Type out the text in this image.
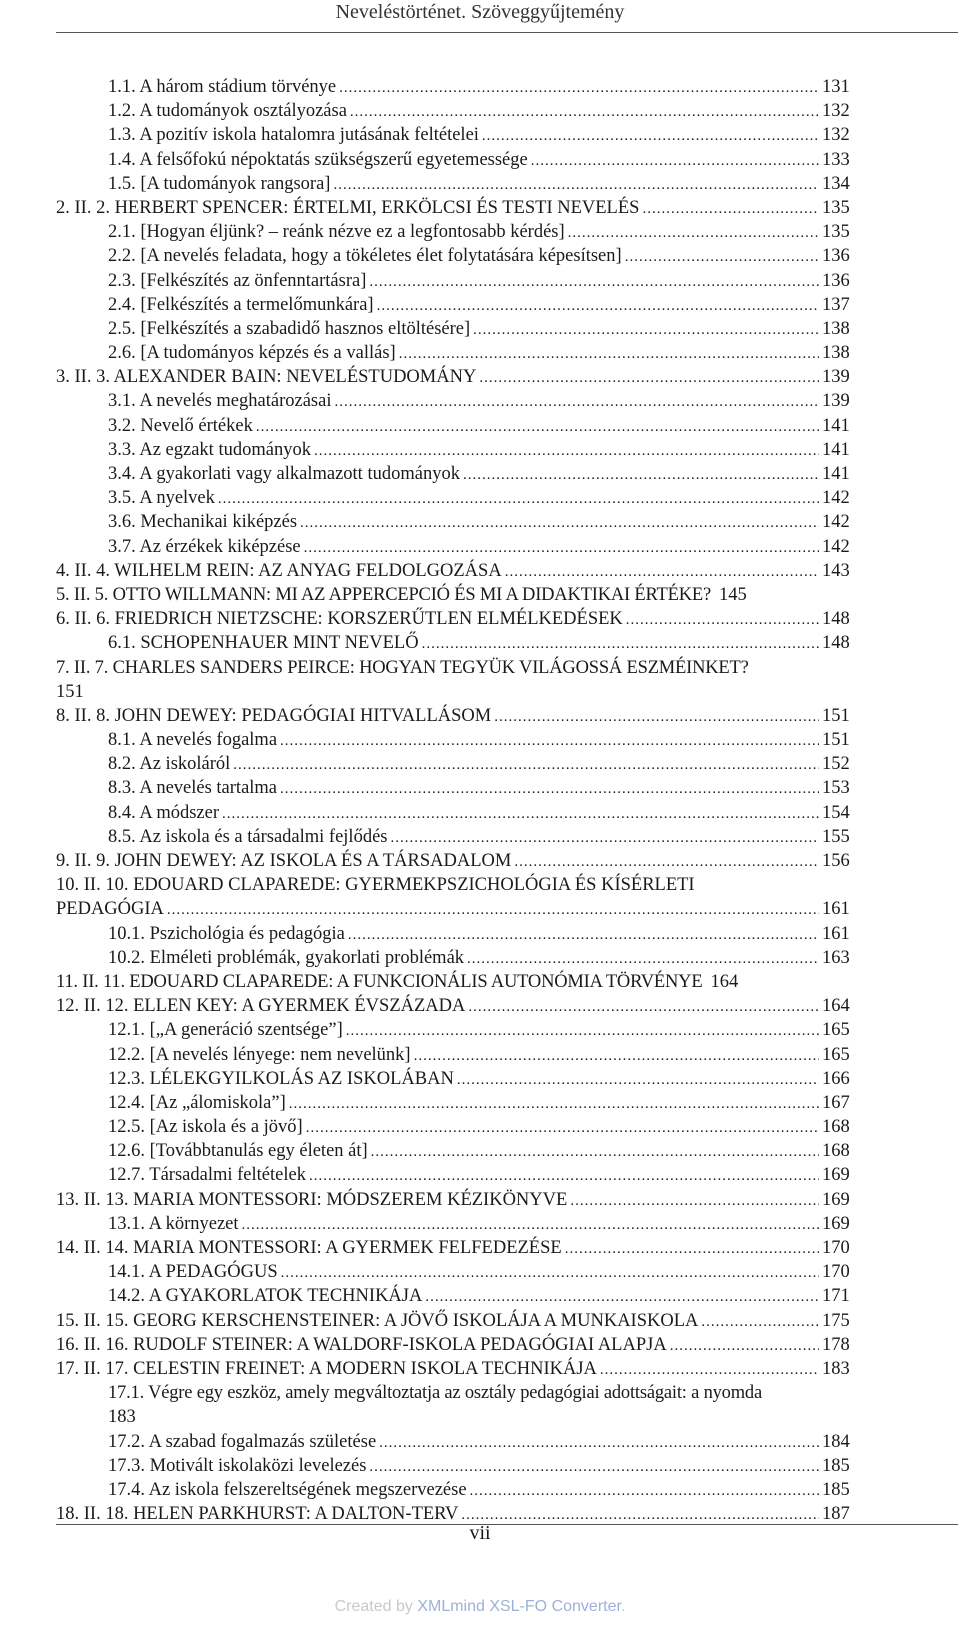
Neveléstörténet. Szöveggyűjtemény
1.1. A három stádium törvénye .....	131
1.2. A tudományok osztályozása .....	132
1.3. A pozitív iskola hatalomra jutásának feltételei .....	132
1.4. A felsőfokú népoktatás szükségszerű egyetemessége .....	133
1.5. [A tudományok rangsora] .....	134
2. II. 2. HERBERT SPENCER: ÉRTELMI, ERKÖLCSI ÉS TESTI NEVELÉS .....	135
2.1. [Hogyan éljünk? – reánk nézve ez a legfontosabb kérdés] .....	135
2.2. [A nevelés feladata, hogy a tökéletes élet folytatására képesítsen] .....	136
2.3. [Felkészítés az önfenntartásra] .....	136
2.4. [Felkészítés a termelőmunkára] .....	137
2.5. [Felkészítés a szabadidő hasznos eltöltésére] .....	138
2.6. [A tudományos képzés és a vallás] .....	138
3. II. 3. ALEXANDER BAIN: NEVELÉSTUDOMÁNY .....	139
3.1. A nevelés meghatározásai .....	139
3.2. Nevelő értékek .....	141
3.3. Az egzakt tudományok .....	141
3.4. A gyakorlati vagy alkalmazott tudományok .....	141
3.5. A nyelvek .....	142
3.6. Mechanikai kiképzés .....	142
3.7. Az érzékek kiképzése .....	142
4. II. 4. WILHELM REIN: AZ ANYAG FELDOLGOZÁSA .....	143
5. II. 5. OTTO WILLMANN: MI AZ APPERCEPCIÓ ÉS MI A DIDAKTIKAI ÉRTÉKE? 145
6. II. 6. FRIEDRICH NIETZSCHE: KORSZERŰTLEN ELMÉLKEDÉSEK .....	148
6.1. SCHOPENHAUER MINT NEVELŐ .....	148
7. II. 7. CHARLES SANDERS PEIRCE: HOGYAN TEGYÜK VILÁGOSSÁ ESZMÉINKET?
151
8. II. 8. JOHN DEWEY: PEDAGÓGIAI HITVALLÁSOM .....	151
8.1. A nevelés fogalma .....	151
8.2. Az iskoláról .....	152
8.3. A nevelés tartalma .....	153
8.4. A módszer .....	154
8.5. Az iskola és a társadalmi fejlődés .....	155
9. II. 9. JOHN DEWEY: AZ ISKOLA ÉS A TÁRSADALOM .....	156
10. II. 10. EDOUARD CLAPAREDE: GYERMEKPSZICHOLÓGIA ÉS KÍSÉRLETI
PEDAGÓGIA .....	161
10.1. Pszichológia és pedagógia .....	161
10.2. Elméleti problémák, gyakorlati problémák .....	163
11. II. 11. EDOUARD CLAPAREDE: A FUNKCIONÁLIS AUTONÓMIA TÖRVÉNYE 164
12. II. 12. ELLEN KEY: A GYERMEK ÉVSZÁZADA .....	164
12.1. [„A generáció szentsége”] .....	165
12.2. [A nevelés lényege: nem nevelünk] .....	165
12.3. LÉLEKGYILKOLÁS AZ ISKOLÁBAN .....	166
12.4. [Az „álomiskola”] .....	167
12.5. [Az iskola és a jövő] .....	168
12.6. [Továbbtanulás egy életen át] .....	168
12.7. Társadalmi feltételek .....	169
13. II. 13. MARIA MONTESSORI: MÓDSZEREM KÉZIKÖNYVE .....	169
13.1. A környezet .....	169
14. II. 14. MARIA MONTESSORI: A GYERMEK FELFEDEZÉSE .....	170
14.1. A PEDAGÓGUS .....	170
14.2. A GYAKORLATOK TECHNIKÁJA .....	171
15. II. 15. GEORG KERSCHENSTEINER: A JÖVŐ ISKOLÁJA A MUNKAISKOLA .....	175
16. II. 16. RUDOLF STEINER: A WALDORF-ISKOLA PEDAGÓGIAI ALAPJA .....	178
17. II. 17. CELESTIN FREINET: A MODERN ISKOLA TECHNIKÁJA .....	183
17.1. Végre egy eszköz, amely megváltoztatja az osztály pedagógiai adottságait: a nyomda
183
17.2. A szabad fogalmazás születése .....	184
17.3. Motivált iskolaközi levelezés .....	185
17.4. Az iskola felszereltségének megszervezése .....	185
18. II. 18. HELEN PARKHURST: A DALTON-TERV .....	187
vii
Created by XMLmind XSL-FO Converter.
